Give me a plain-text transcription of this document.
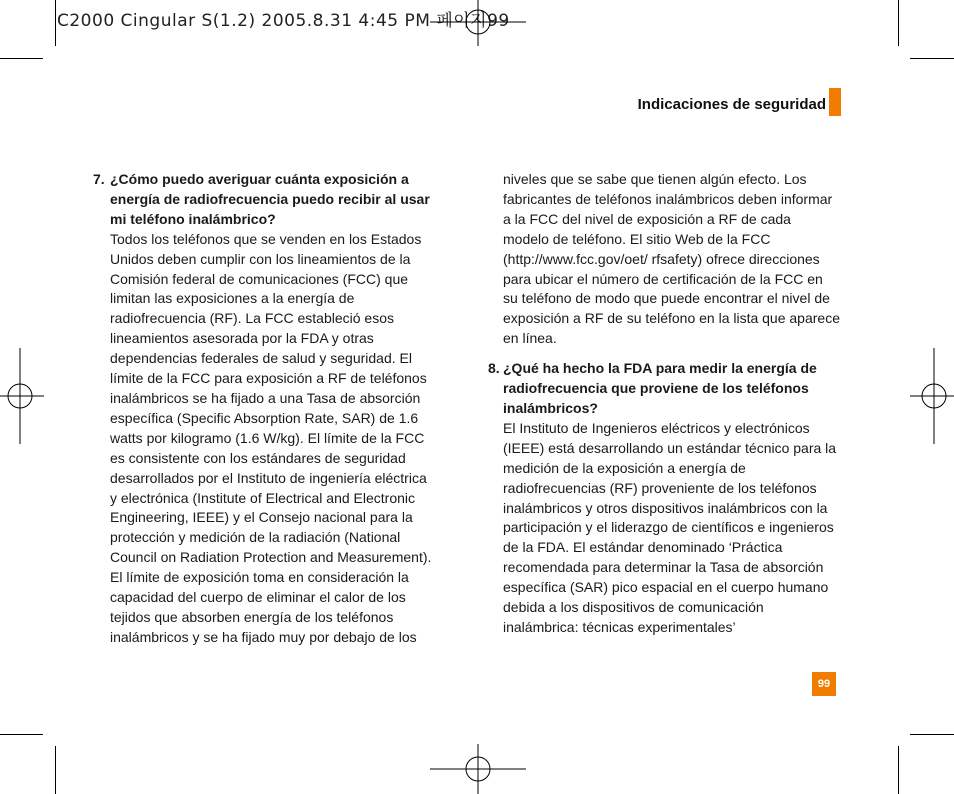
C2000 Cingular S(1.2) 2005.8.31 4:45 PM 페이지99
Indicaciones de seguridad

7. ¿Cómo puedo averiguar cuánta exposición a energía de radiofrecuencia puedo recibir al usar mi teléfono inalámbrico?

Todos los teléfonos que se venden en los Estados Unidos deben cumplir con los lineamientos de la Comisión federal de comunicaciones (FCC) que limitan las exposiciones a la energía de radiofrecuencia (RF). La FCC estableció esos lineamientos asesorada por la FDA y otras dependencias federales de salud y seguridad. El límite de la FCC para exposición a RF de teléfonos inalámbricos se ha fijado a una Tasa de absorción específica (Specific Absorption Rate, SAR) de 1.6 watts por kilogramo (1.6 W/kg). El límite de la FCC es consistente con los estándares de seguridad desarrollados por el Instituto de ingeniería eléctrica y electrónica (Institute of Electrical and Electronic Engineering, IEEE) y el Consejo nacional para la protección y medición de la radiación (National Council on Radiation Protection and Measurement). El límite de exposición toma en consideración la capacidad del cuerpo de eliminar el calor de los tejidos que absorben energía de los teléfonos inalámbricos y se ha fijado muy por debajo de los

niveles que se sabe que tienen algún efecto. Los fabricantes de teléfonos inalámbricos deben informar a la FCC del nivel de exposición a RF de cada modelo de teléfono. El sitio Web de la FCC (http://www.fcc.gov/oet/ rfsafety) ofrece direcciones para ubicar el número de certificación de la FCC en su teléfono de modo que puede encontrar el nivel de exposición a RF de su teléfono en la lista que aparece en línea.

8. ¿Qué ha hecho la FDA para medir la energía de radiofrecuencia que proviene de los teléfonos inalámbricos?

El Instituto de Ingenieros eléctricos y electrónicos (IEEE) está desarrollando un estándar técnico para la medición de la exposición a energía de radiofrecuencias (RF) proveniente de los teléfonos inalámbricos y otros dispositivos inalámbricos con la participación y el liderazgo de científicos e ingenieros de la FDA. El estándar denominado ‘Práctica recomendada para determinar la Tasa de absorción específica (SAR) pico espacial en el cuerpo humano debida a los dispositivos de comunicación inalámbrica: técnicas experimentales’

99
